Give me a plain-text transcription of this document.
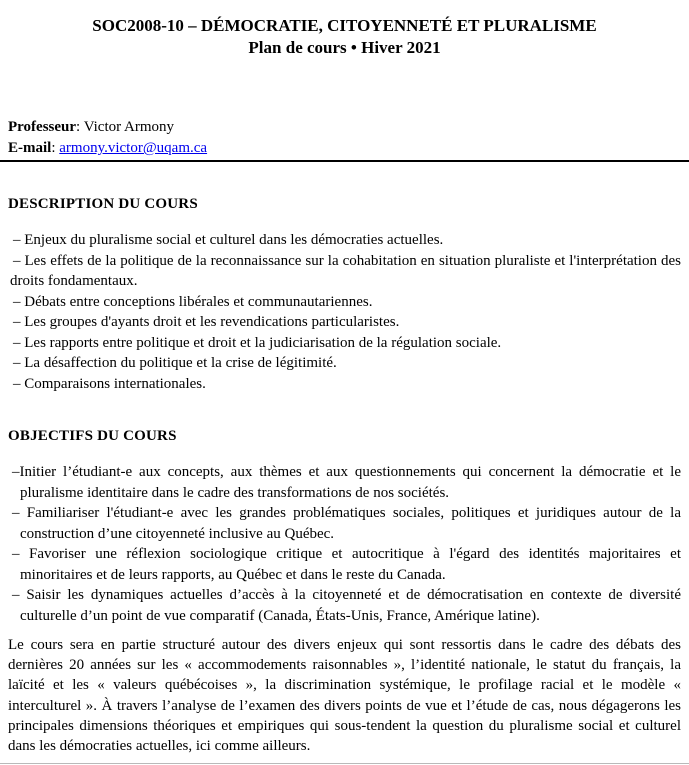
SOC2008-10 – DÉMOCRATIE, CITOYENNETÉ ET PLURALISME
Plan de cours • Hiver 2021
Professeur: Victor Armony
E-mail: armony.victor@uqam.ca
DESCRIPTION DU COURS
– Enjeux du pluralisme social et culturel dans les démocraties actuelles.
– Les effets de la politique de la reconnaissance sur la cohabitation en situation pluraliste et l'interprétation des droits fondamentaux.
– Débats entre conceptions libérales et communautariennes.
– Les groupes d'ayants droit et les revendications particularistes.
– Les rapports entre politique et droit et la judiciarisation de la régulation sociale.
– La désaffection du politique et la crise de légitimité.
– Comparaisons internationales.
OBJECTIFS DU COURS
–Initier l’étudiant-e aux concepts, aux thèmes et aux questionnements qui concernent la démocratie et le pluralisme identitaire dans le cadre des transformations de nos sociétés.
– Familiariser l'étudiant-e avec les grandes problématiques sociales, politiques et juridiques autour de la construction d’une citoyenneté inclusive au Québec.
– Favoriser une réflexion sociologique critique et autocritique à l'égard des identités majoritaires et minoritaires et de leurs rapports, au Québec et dans le reste du Canada.
– Saisir les dynamiques actuelles d’accès à la citoyenneté et de démocratisation en contexte de diversité culturelle d’un point de vue comparatif (Canada, États-Unis, France, Amérique latine).
Le cours sera en partie structuré autour des divers enjeux qui sont ressortis dans le cadre des débats des dernières 20 années sur les « accommodements raisonnables », l’identité nationale, le statut du français, la laïcité et les « valeurs québécoises », la discrimination systémique, le profilage racial et le modèle « interculturel ». À travers l’analyse de l’examen des divers points de vue et l’étude de cas, nous dégagerons les principales dimensions théoriques et empiriques qui sous-tendent la question du pluralisme social et culturel dans les démocraties actuelles, ici comme ailleurs.
